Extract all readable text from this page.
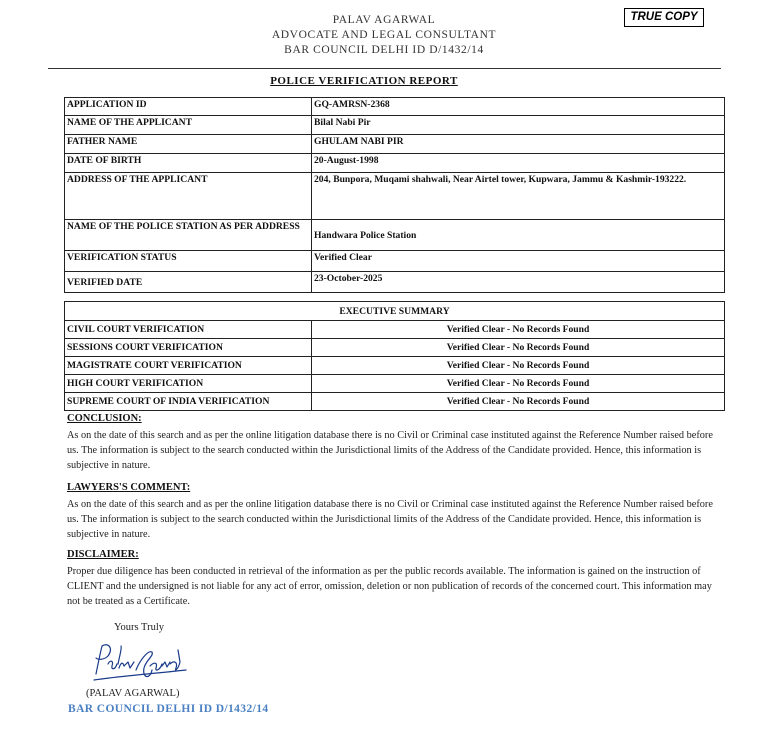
PALAV AGARWAL
ADVOCATE AND LEGAL CONSULTANT
BAR COUNCIL DELHI ID D/1432/14
TRUE COPY
POLICE VERIFICATION REPORT
APPLICATION ID	GQ-AMRSN-2368
NAME OF THE APPLICANT	Bilal Nabi Pir
FATHER NAME	GHULAM NABI PIR
DATE OF BIRTH	20-August-1998
ADDRESS OF THE APPLICANT	204, Bunpora, Muqami shahwali, Near Airtel tower, Kupwara, Jammu & Kashmir-193222.
NAME OF THE POLICE STATION AS PER ADDRESS	Handwara Police Station
VERIFICATION STATUS	Verified Clear
VERIFIED DATE	23-October-2025
EXECUTIVE SUMMARY	
CIVIL COURT VERIFICATION	Verified Clear - No Records Found
SESSIONS COURT VERIFICATION	Verified Clear - No Records Found
MAGISTRATE COURT VERIFICATION	Verified Clear - No Records Found
HIGH COURT VERIFICATION	Verified Clear - No Records Found
SUPREME COURT OF INDIA VERIFICATION	Verified Clear - No Records Found
CONCLUSION:
As on the date of this search and as per the online litigation database there is no Civil or Criminal case instituted against the Reference Number raised before us. The information is subject to the search conducted within the Jurisdictional limits of the Address of the Candidate provided. Hence, this information is subjective in nature.
LAWYERS'S COMMENT:
As on the date of this search and as per the online litigation database there is no Civil or Criminal case instituted against the Reference Number raised before us. The information is subject to the search conducted within the Jurisdictional limits of the Address of the Candidate provided. Hence, this information is subjective in nature.
DISCLAIMER:
Proper due diligence has been conducted in retrieval of the information as per the public records available. The information is gained on the instruction of CLIENT and the undersigned is not liable for any act of error, omission, deletion or non publication of records of the concerned court. This information may not be treated as a Certificate.
Yours Truly
(PALAV AGARWAL)
BAR COUNCIL DELHI ID D/1432/14
